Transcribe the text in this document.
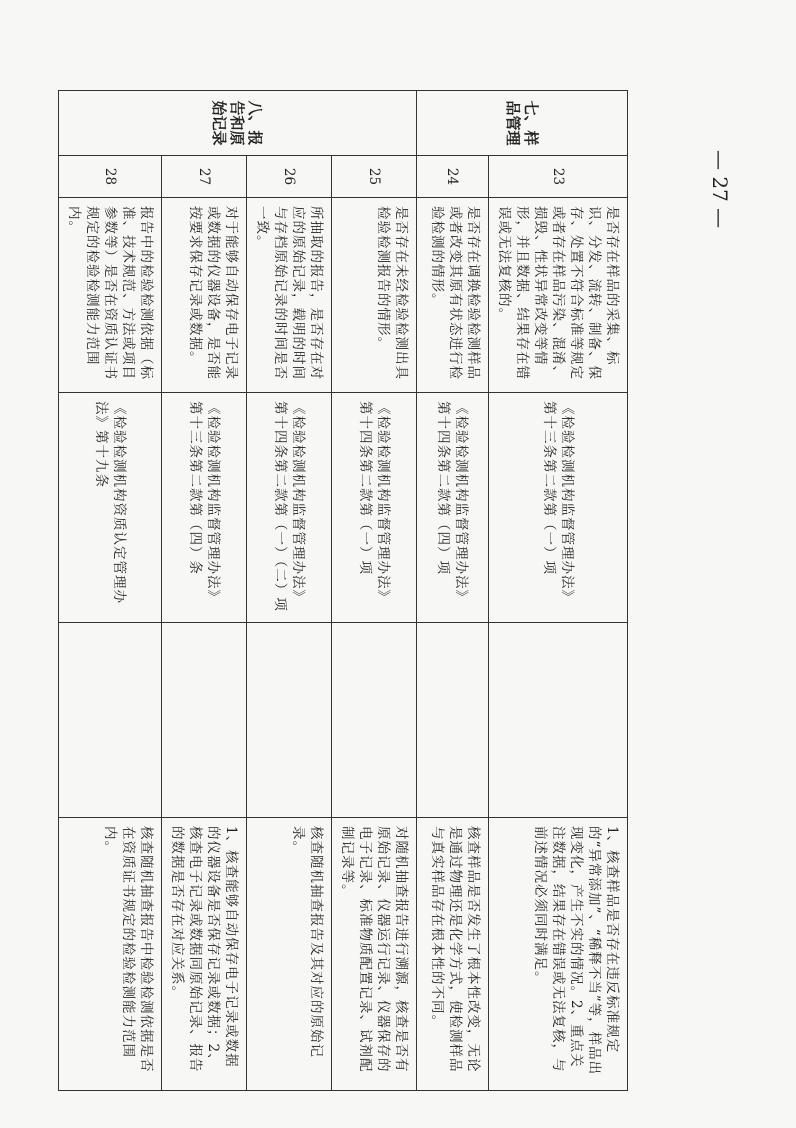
— 27 —
七、样品管理	23	是否存在样品的采集、标识、分发、流转、制备、保存、处置不符合标准等规定或者存在样品污染、混淆、损毁、性状异常改变等情形，并且数据、结果存在错误或无法复核的。	《检验检测机构监督管理办法》第十三条第二款第（一）项		1、核查样品是否存在违反标准规定的“异常添加”、“稀释不当”等，样品出现变化，产生不实的情况。2、重点关注数据，结果存在错误或无法复核，与前述情况必须同时满足。
	24	是否存在调换检验检测样品或者改变其原有状态进行检验检测的情形。	《检验检测机构监督管理办法》第十四条第二款第（四）项		核查样品是否发生了根本性改变，无论是通过物理还是化学方式，使检测样品与真实样品存在根本性的不同。
八、报告和原始记录	25	是否存在未经检验检测出具检验检测报告的情形。	《检验检测机构监督管理办法》第十四条第二款第（一）项		对随机抽查报告进行溯源，核查是否有原始记录、仪器运行记录、仪器保存的电子记录、标准物质配置记录、试剂配制记录等。
	26	所抽取的报告，是否存在对应的原始记录，载明的时间与存档原始记录的时间是否一致。	《检验检测机构监督管理办法》第十四条第二款第（一）（二）项		核查随机抽查报告及其对应的原始记录。
	27	对于能够自动保存电子记录或数据的仪器设备，是否能按要求保存记录或数据。	《检验检测机构监督管理办法》第十三条第二款第（四）条		1、核查能够自动保存电子记录或数据的仪器设备是否保存记录或数据；2、核查电子记录或数据同原始记录、报告的数据是否存在对应关系。
	28	报告中的检验检测依据（标准、技术规范、方法或项目参数等）是否在资质认证书规定的检验检测能力范围内。	《检验检测机构资质认定管理办法》第十九条		核查随机抽查报告中检验检测依据是否在资质证书规定的检验检测能力范围内。
